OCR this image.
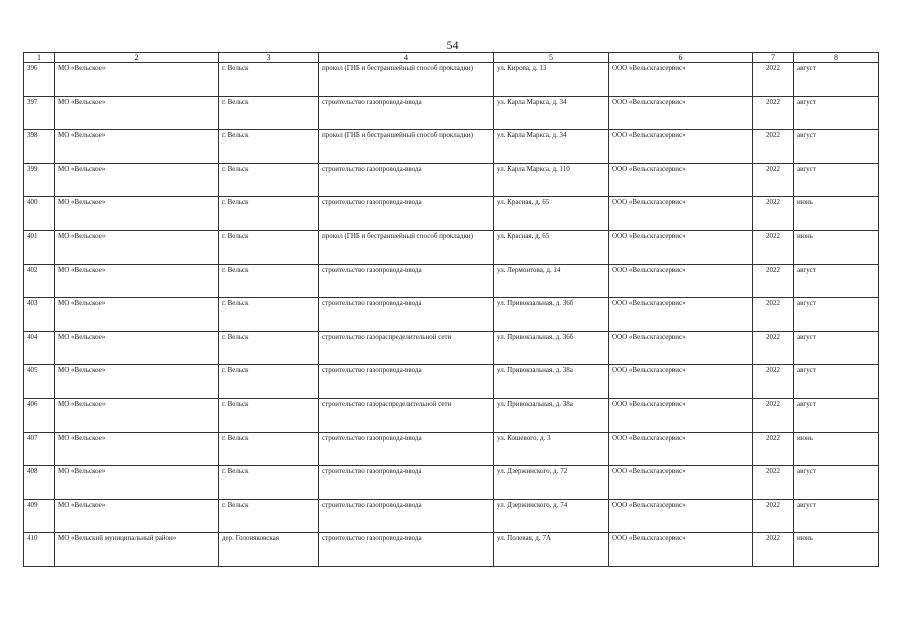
54
1	2	3	4	5	6	7	8
396	МО «Вельское»	г. Вельск	прокол (ГНБ и бестраншейный способ прокладки)	ул. Кирова, д. 13	ООО «Вельскгазсервис»	2022	август
397	МО «Вельское»	г. Вельск	строительство газопровода-ввода	ул. Карла Маркса, д. 34	ООО «Вельскгазсервис»	2022	август
398	МО «Вельское»	г. Вельск	прокол (ГНБ и бестраншейный способ прокладки)	ул. Карла Маркса, д. 34	ООО «Вельскгазсервис»	2022	август
399	МО «Вельское»	г. Вельск	строительство газопровода-ввода	ул. Карла Маркса, д. 110	ООО «Вельскгазсервис»	2022	август
400	МО «Вельское»	г. Вельск	строительство газопровода-ввода	ул. Красная, д. 65	ООО «Вельскгазсервис»	2022	июнь
401	МО «Вельское»	г. Вельск	прокол (ГНБ и бестраншейный способ прокладки)	ул. Красная, д. 65	ООО «Вельскгазсервис»	2022	июнь
402	МО «Вельское»	г. Вельск	строительство газопровода-ввода	ул. Лермонтова, д. 14	ООО «Вельскгазсервис»	2022	август
403	МО «Вельское»	г. Вельск	строительство газопровода-ввода	ул. Привокзальная, д. 36б	ООО «Вельскгазсервис»	2022	август
404	МО «Вельское»	г. Вельск	строительство газораспределительной сети	ул. Привокзальная, д. 36б	ООО «Вельскгазсервис»	2022	август
405	МО «Вельское»	г. Вельск	строительство газопровода-ввода	ул. Привокзальная, д. 38а	ООО «Вельскгазсервис»	2022	август
406	МО «Вельское»	г. Вельск	строительство газораспределительной сети	ул. Привокзальная, д. 38а	ООО «Вельскгазсервис»	2022	август
407	МО «Вельское»	г. Вельск	строительство газопровода-ввода	ул. Кошевого, д. 3	ООО «Вельскгазсервис»	2022	июнь
408	МО «Вельское»	г. Вельск	строительство газопровода-ввода	ул. Дзержинского, д. 72	ООО «Вельскгазсервис»	2022	август
409	МО «Вельское»	г. Вельск	строительство газопровода-ввода	ул. Дзержинского, д. 74	ООО «Вельскгазсервис»	2022	август
410	МО «Вельский муниципальный район»	дер. Голоняковская	строительство газопровода-ввода	ул. Полевая, д. 7А	ООО «Вельскгазсервис»	2022	июнь
